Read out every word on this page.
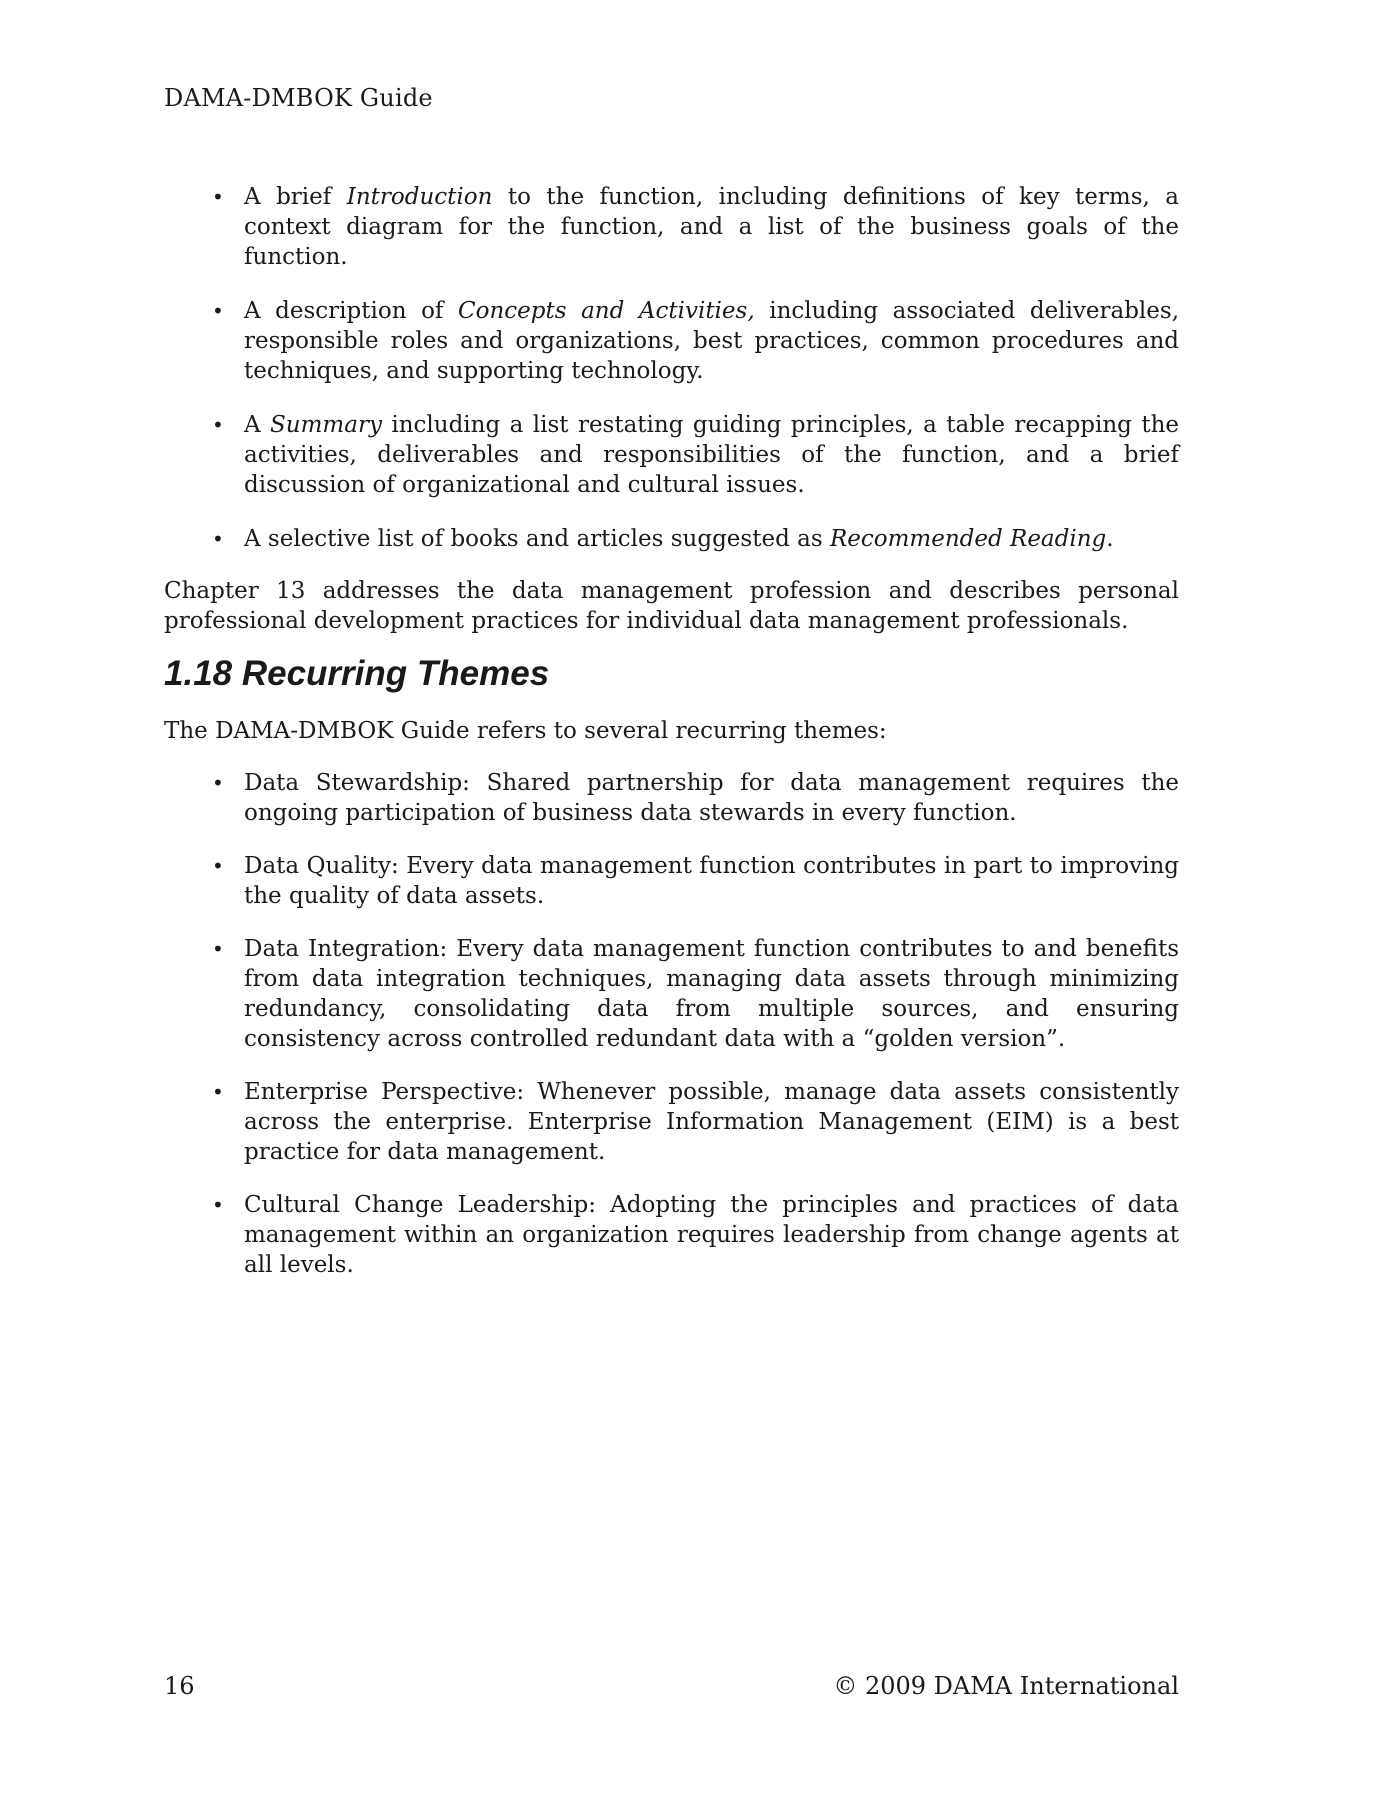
DAMA-DMBOK Guide
• A brief Introduction to the function, including definitions of key terms, a context diagram for the function, and a list of the business goals of the function.
• A description of Concepts and Activities, including associated deliverables, responsible roles and organizations, best practices, common procedures and techniques, and supporting technology.
• A Summary including a list restating guiding principles, a table recapping the activities, deliverables and responsibilities of the function, and a brief discussion of organizational and cultural issues.
• A selective list of books and articles suggested as Recommended Reading.

Chapter 13 addresses the data management profession and describes personal professional development practices for individual data management professionals.

1.18 Recurring Themes

The DAMA-DMBOK Guide refers to several recurring themes:

• Data Stewardship: Shared partnership for data management requires the ongoing participation of business data stewards in every function.
• Data Quality: Every data management function contributes in part to improving the quality of data assets.
• Data Integration: Every data management function contributes to and benefits from data integration techniques, managing data assets through minimizing redundancy, consolidating data from multiple sources, and ensuring consistency across controlled redundant data with a “golden version”.
• Enterprise Perspective: Whenever possible, manage data assets consistently across the enterprise. Enterprise Information Management (EIM) is a best practice for data management.
• Cultural Change Leadership: Adopting the principles and practices of data management within an organization requires leadership from change agents at all levels.
16	© 2009 DAMA International
